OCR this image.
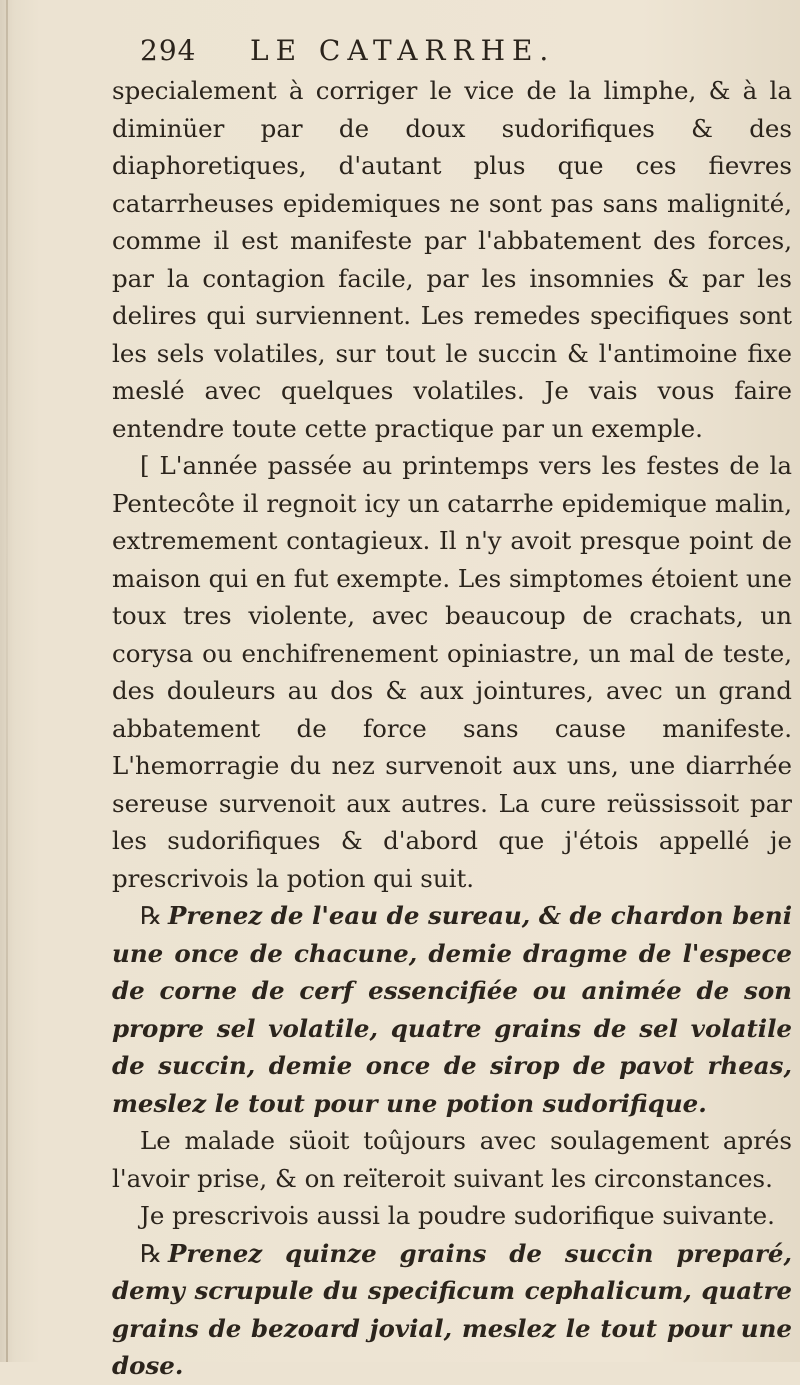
294	LE CATARRHE.

specialement à corriger le vice de la limphe, & à la diminüer par de doux sudorifiques & des diaphoretiques, d'autant plus que ces fievres catarrheuses epidemiques ne sont pas sans malignité, comme il est manifeste par l'abbatement des forces, par la contagion facile, par les insomnies & par les delires qui surviennent. Les remedes specifiques sont les sels volatiles, sur tout le succin & l'antimoine fixe meslé avec quelques volatiles. Je vais vous faire entendre toute cette practique par un exemple.

[ L'année passée au printemps vers les festes de la Pentecôte il regnoit icy un catarrhe epidemique malin, extremement contagieux. Il n'y avoit presque point de maison qui en fut exempte. Les simptomes étoient une toux tres violente, avec beaucoup de crachats, un corysa ou enchifrenement opiniastre, un mal de teste, des douleurs au dos & aux jointures, avec un grand abbatement de force sans cause manifeste. L'hemorragie du nez survenoit aux uns, une diarrhée sereuse survenoit aux autres. La cure reüssissoit par les sudorifiques & d'abord que j'étois appellé je prescrivois la potion qui suit.

℞ Prenez de l'eau de sureau, & de chardon beni une once de chacune, demie dragme de l'espece de corne de cerf essencifiée ou animée de son propre sel volatile, quatre grains de sel volatile de succin, demie once de sirop de pavot rheas, meslez le tout pour une potion sudorifique.

Le malade süoit toûjours avec soulagement aprés l'avoir prise, & on reïteroit suivant les circonstances.

Je prescrivois aussi la poudre sudorifique suivante.

℞ Prenez quinze grains de succin preparé, demy scrupule du specificum cephalicum, quatre grains de bezoard jovial, meslez le tout pour une dose.
